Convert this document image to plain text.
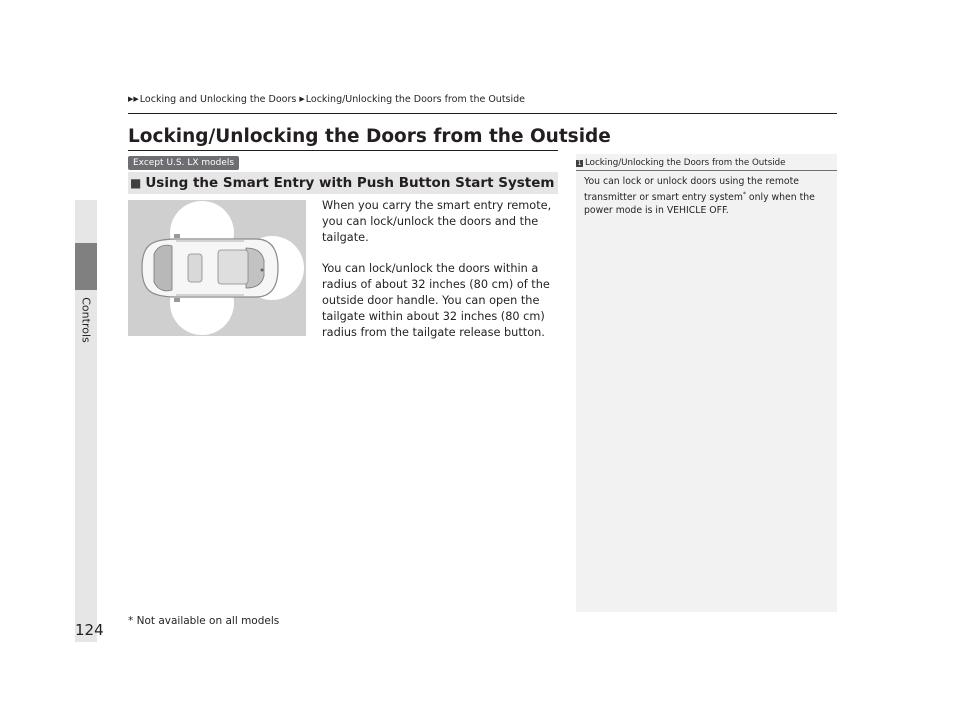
Controls
▶▶Locking and Unlocking the Doors ▶Locking/Unlocking the Doors from the Outside
Locking/Unlocking the Doors from the Outside
Except U.S. LX models
■ Using the Smart Entry with Push Button Start System

When you carry the smart entry remote, you can lock/unlock the doors and the tailgate.

You can lock/unlock the doors within a radius of about 32 inches (80 cm) of the outside door handle. You can open the tailgate within about 32 inches (80 cm) radius from the tailgate release button.

1 Locking/Unlocking the Doors from the Outside
You can lock or unlock doors using the remote transmitter or smart entry system* only when the power mode is in VEHICLE OFF.
124 * Not available on all models
